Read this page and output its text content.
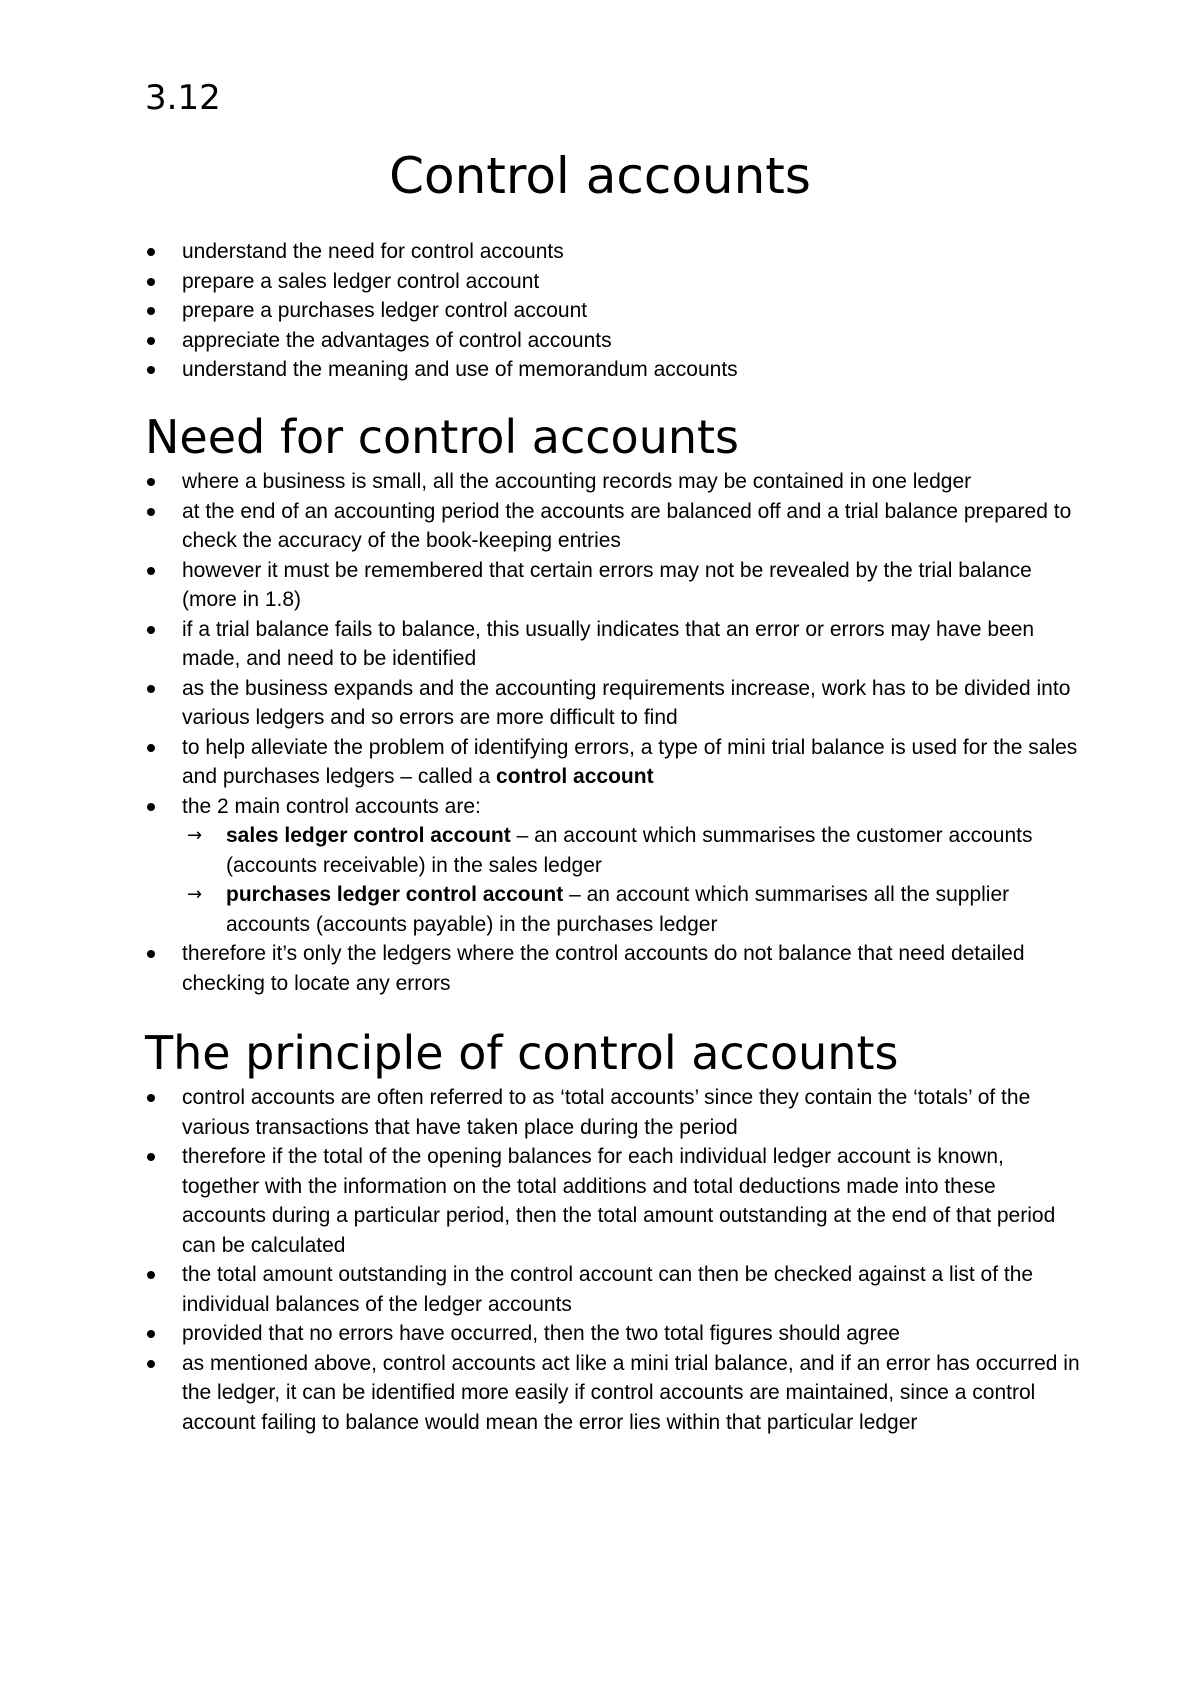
3.12
Control accounts
understand the need for control accounts
prepare a sales ledger control account
prepare a purchases ledger control account
appreciate the advantages of control accounts
understand the meaning and use of memorandum accounts
Need for control accounts
where a business is small, all the accounting records may be contained in one ledger
at the end of an accounting period the accounts are balanced off and a trial balance prepared to check the accuracy of the book-keeping entries
however it must be remembered that certain errors may not be revealed by the trial balance (more in 1.8)
if a trial balance fails to balance, this usually indicates that an error or errors may have been made, and need to be identified
as the business expands and the accounting requirements increase, work has to be divided into various ledgers and so errors are more difficult to find
to help alleviate the problem of identifying errors, a type of mini trial balance is used for the sales and purchases ledgers – called a control account
the 2 main control accounts are:
→ sales ledger control account – an account which summarises the customer accounts (accounts receivable) in the sales ledger
→ purchases ledger control account – an account which summarises all the supplier accounts (accounts payable) in the purchases ledger
therefore it’s only the ledgers where the control accounts do not balance that need detailed checking to locate any errors
The principle of control accounts
control accounts are often referred to as ‘total accounts’ since they contain the ‘totals’ of the various transactions that have taken place during the period
therefore if the total of the opening balances for each individual ledger account is known, together with the information on the total additions and total deductions made into these accounts during a particular period, then the total amount outstanding at the end of that period can be calculated
the total amount outstanding in the control account can then be checked against a list of the individual balances of the ledger accounts
provided that no errors have occurred, then the two total figures should agree
as mentioned above, control accounts act like a mini trial balance, and if an error has occurred in the ledger, it can be identified more easily if control accounts are maintained, since a control account failing to balance would mean the error lies within that particular ledger
